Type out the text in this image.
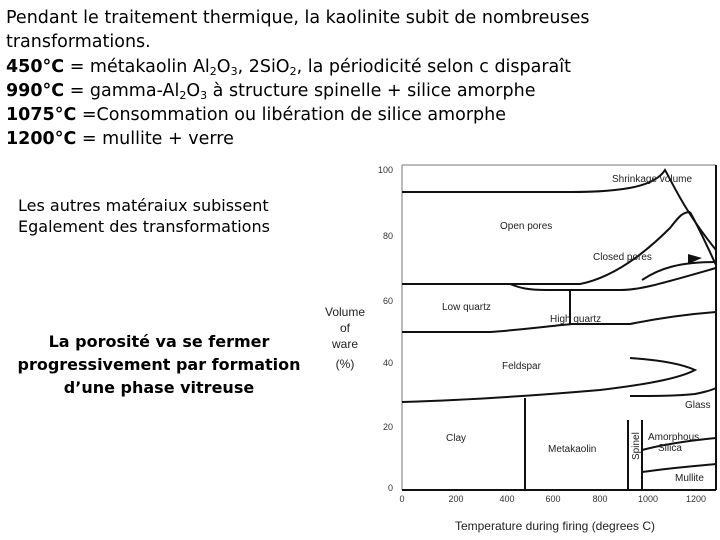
Pendant le traitement thermique, la kaolinite subit de nombreuses
transformations.
450°C = métakaolin $Al_2O_3$, 2SiO$_2$, la périodicité selon c disparaît
990°C = gamma-$Al_2O_3$ à structure spinelle + silice amorphe
1075°C =Consommation ou libération de silice amorphe
1200°C = mullite + verre
Les autres matéraiux subissent
Egalement des transformations
La porosité va se fermer
progressivement par formation
d’une phase vitreuse
Volume
of
ware
(%)
100
80
60
40
20
0
0	200	400	600	800	1000	1200
Temperature during firing (degrees C)
Shrinkage volume
Open pores
Closed pores
Low quartz
High quartz
Feldspar
Clay
Metakaolin	Spinel Amorphous
Silica
Glass
Mullite
